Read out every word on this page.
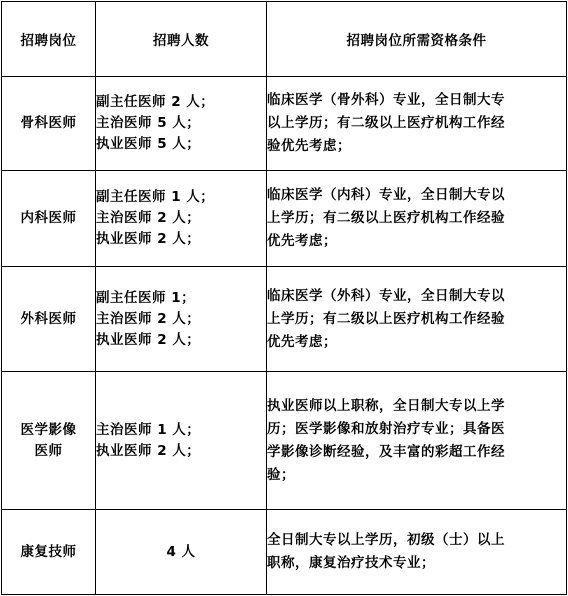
招聘岗位	招聘人数	招聘岗位所需资格条件

骨科医师	副主任医师 2 人；
主治医师 5 人；
执业医师 5 人；	临床医学（骨外科）专业，全日制大专
以上学历；有二级以上医疗机构工作经
验优先考虑；

内科医师	副主任医师 1 人；
主治医师 2 人；
执业医师 2 人；	临床医学（内科）专业，全日制大专以
上学历；有二级以上医疗机构工作经验
优先考虑；

外科医师	副主任医师 1；
主治医师 2 人；
执业医师 2 人；	临床医学（外科）专业，全日制大专以
上学历；有二级以上医疗机构工作经验
优先考虑；

医学影像
医师	主治医师 1 人；
执业医师 2 人；	执业医师以上职称，全日制大专以上学
历；医学影像和放射治疗专业；具备医
学影像诊断经验，及丰富的彩超工作经
验；

康复技师	4 人	全日制大专以上学历，初级（士）以上
职称，康复治疗技术专业；
